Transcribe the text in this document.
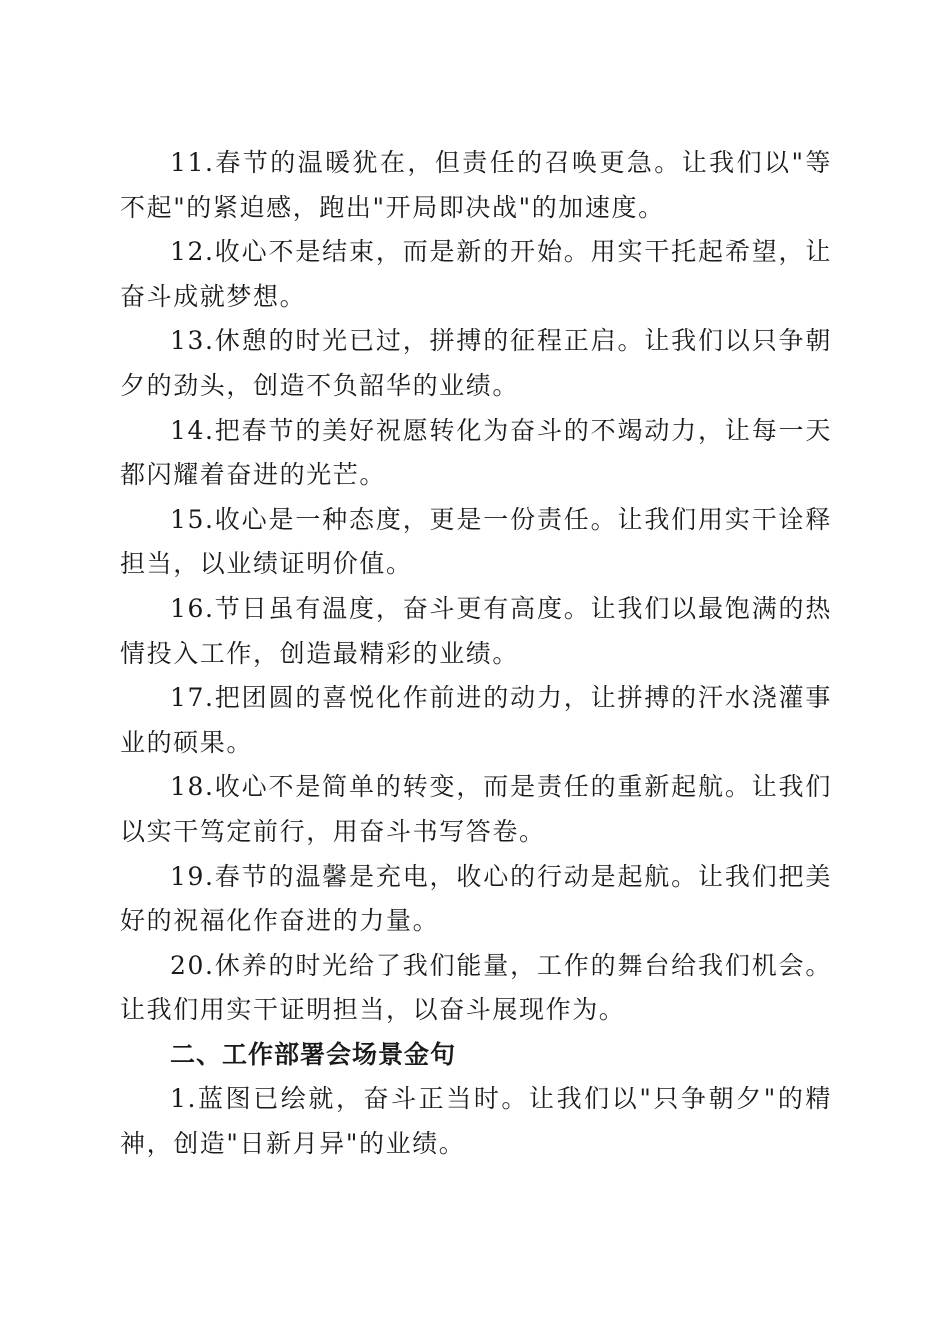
11.春节的温暖犹在，但责任的召唤更急。让我们以"等不起"的紧迫感，跑出"开局即决战"的加速度。

12.收心不是结束，而是新的开始。用实干托起希望，让奋斗成就梦想。

13.休憩的时光已过，拼搏的征程正启。让我们以只争朝夕的劲头，创造不负韶华的业绩。

14.把春节的美好祝愿转化为奋斗的不竭动力，让每一天都闪耀着奋进的光芒。

15.收心是一种态度，更是一份责任。让我们用实干诠释担当，以业绩证明价值。

16.节日虽有温度，奋斗更有高度。让我们以最饱满的热情投入工作，创造最精彩的业绩。

17.把团圆的喜悦化作前进的动力，让拼搏的汗水浇灌事业的硕果。

18.收心不是简单的转变，而是责任的重新起航。让我们以实干笃定前行，用奋斗书写答卷。

19.春节的温馨是充电，收心的行动是起航。让我们把美好的祝福化作奋进的力量。

20.休养的时光给了我们能量，工作的舞台给我们机会。让我们用实干证明担当，以奋斗展现作为。

二、工作部署会场景金句

1.蓝图已绘就，奋斗正当时。让我们以"只争朝夕"的精神，创造"日新月异"的业绩。
